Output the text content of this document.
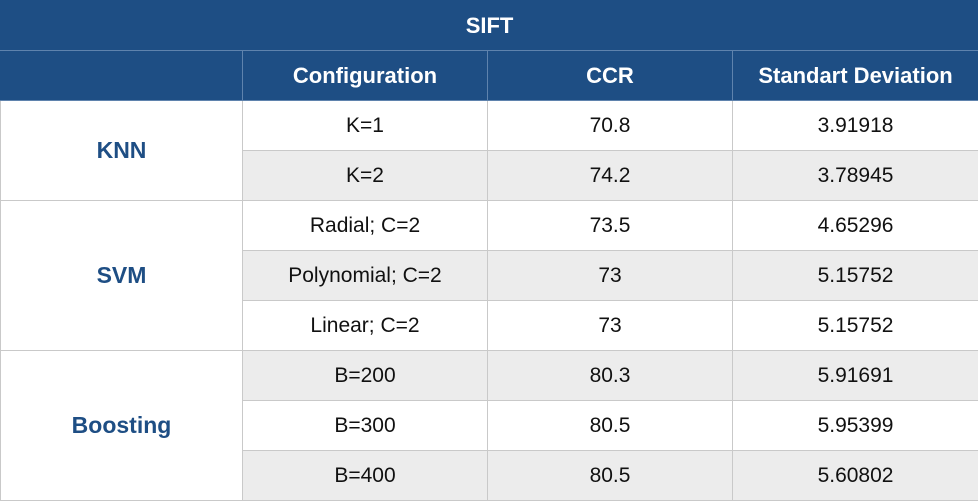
SIFT			
	Configuration	CCR	Standart Deviation
KNN	K=1	70.8	3.91918
	K=2	74.2	3.78945
SVM	Radial; C=2	73.5	4.65296
	Polynomial; C=2	73	5.15752
	Linear; C=2	73	5.15752
Boosting	B=200	80.3	5.91691
	B=300	80.5	5.95399
	B=400	80.5	5.60802
